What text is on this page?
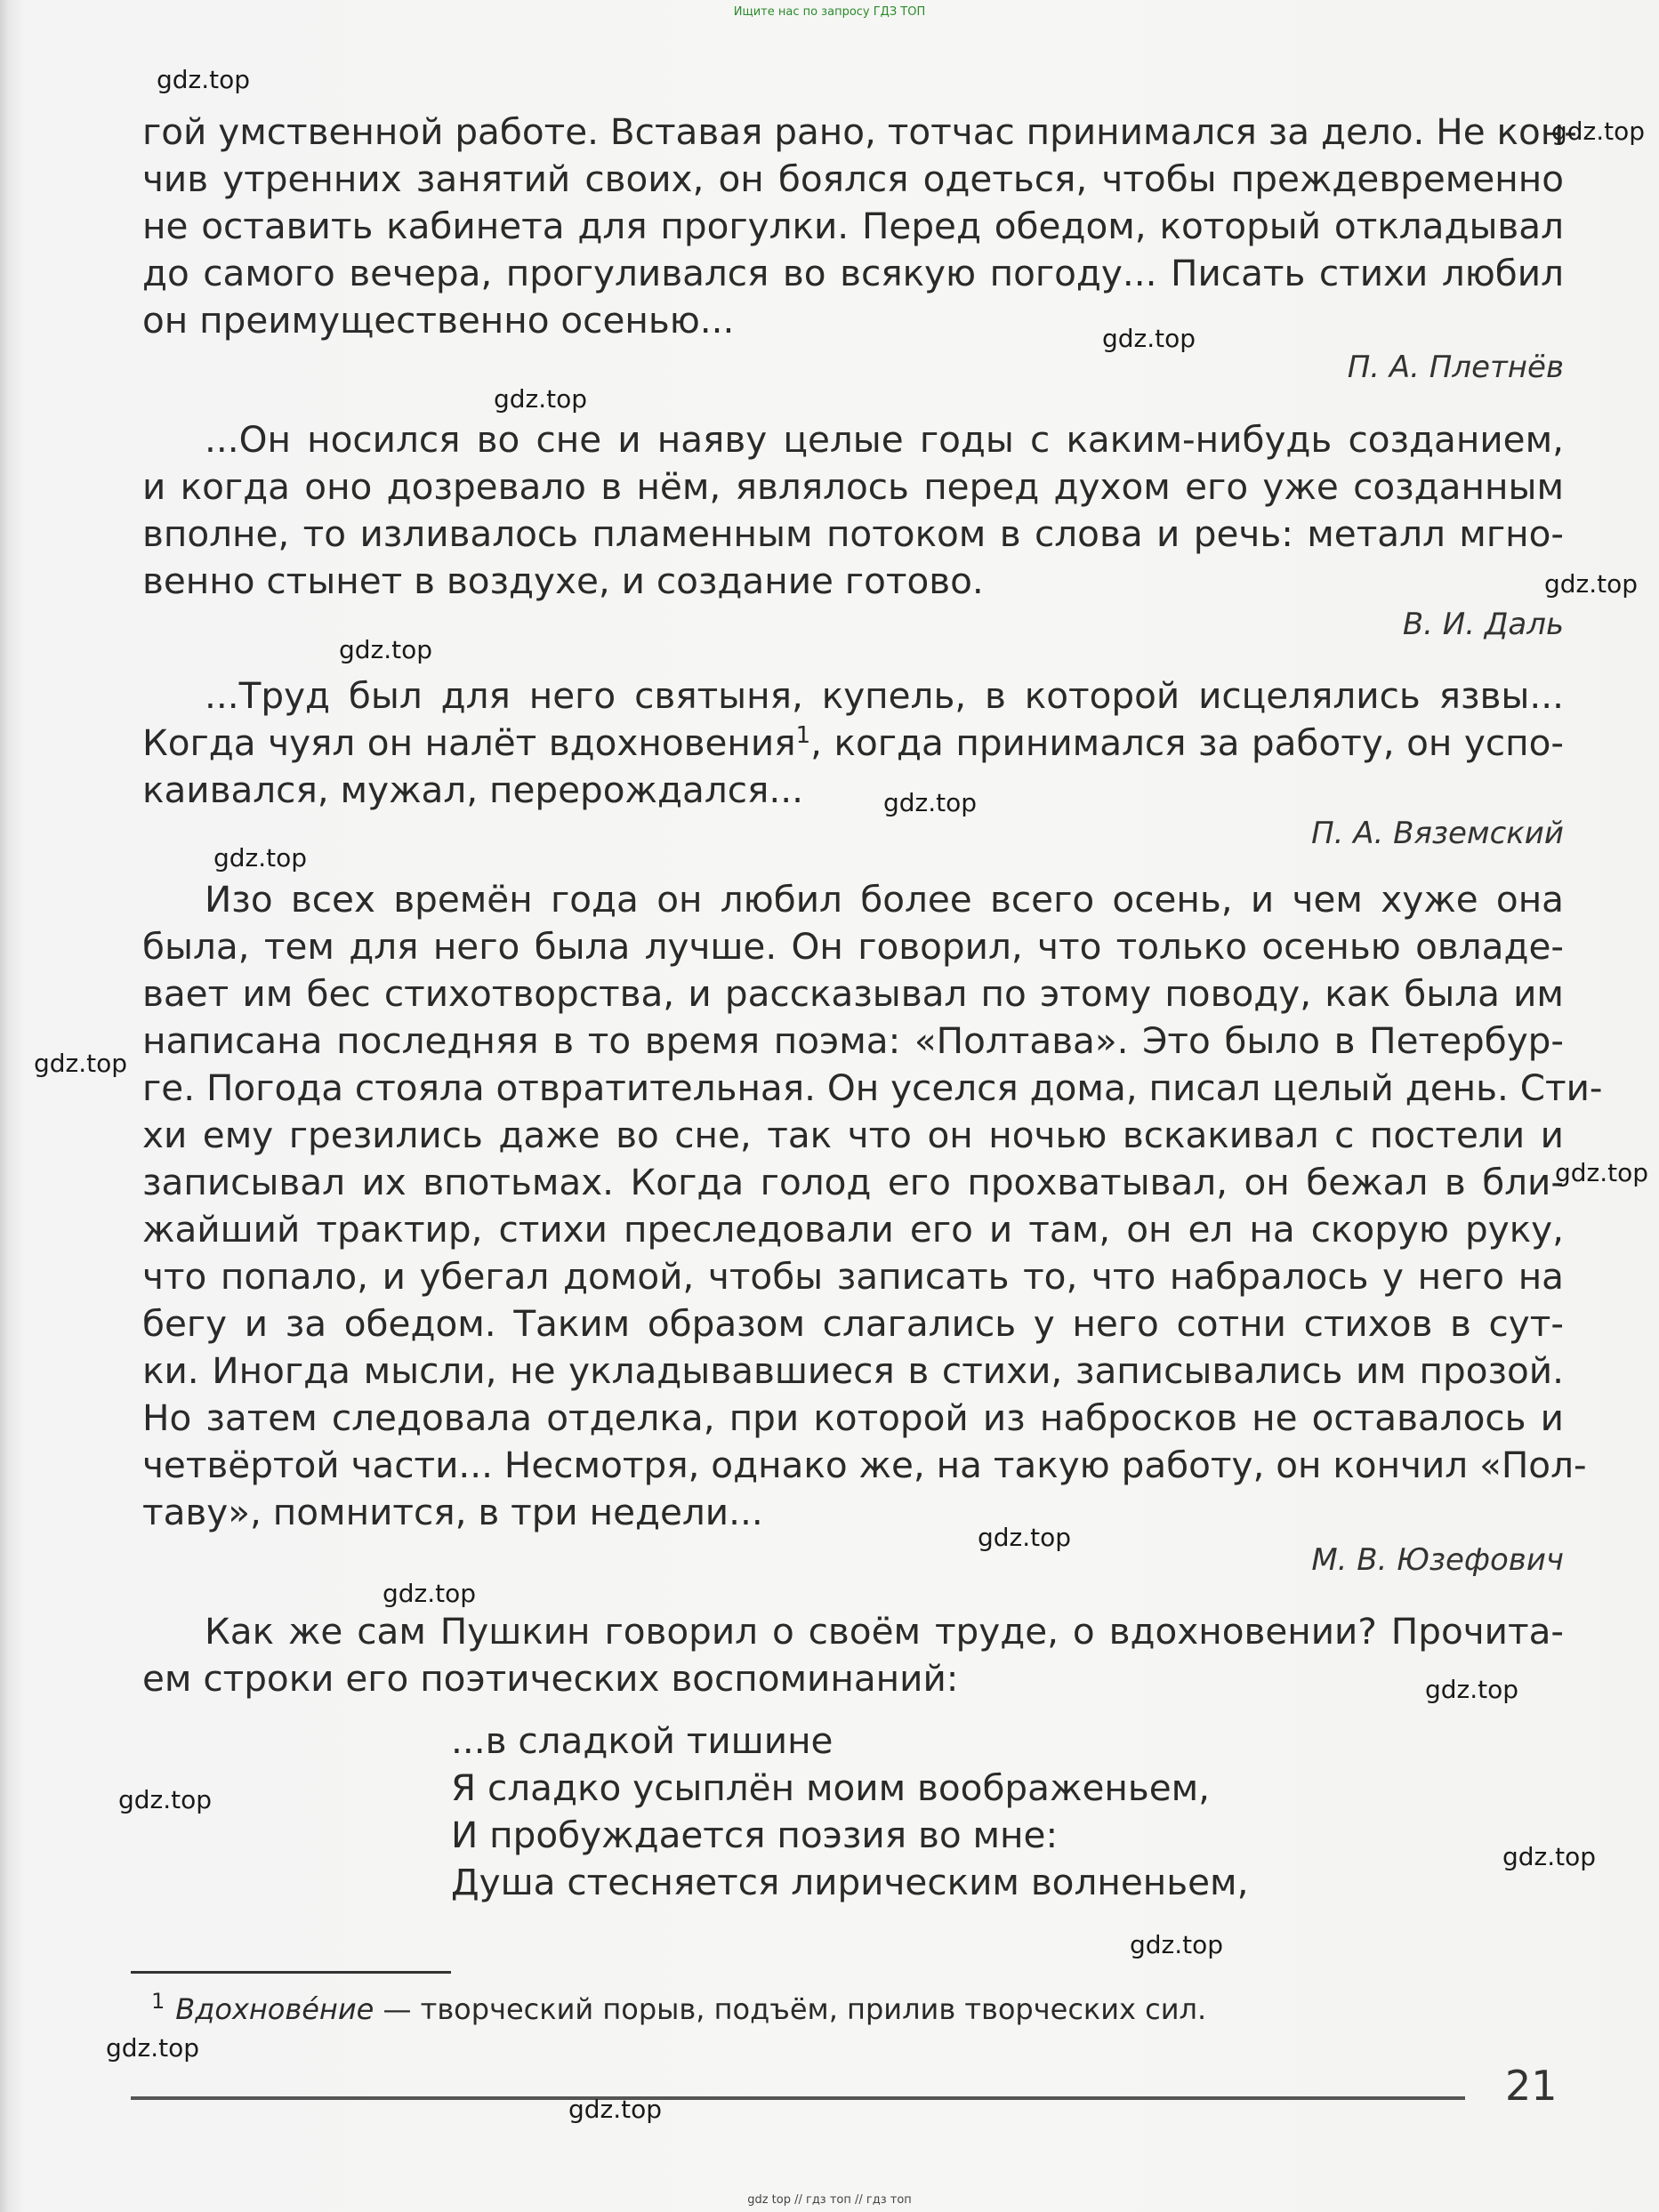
Ищите нас по запросу ГДЗ ТОП
гой умственной работе. Вставая рано, тотчас принимался за дело. Не кон-
чив утренних занятий своих, он боялся одеться, чтобы преждевременно
не оставить кабинета для прогулки. Перед обедом, который откладывал
до самого вечера, прогуливался во всякую погоду... Писать стихи любил
он преимущественно осенью...
П. А. Плетнёв
...Он носился во сне и наяву целые годы с каким-нибудь созданием,
и когда оно дозревало в нём, являлось перед духом его уже созданным
вполне, то изливалось пламенным потоком в слова и речь: металл мгно-
венно стынет в воздухе, и создание готово.
В. И. Даль
...Труд был для него святыня, купель, в которой исцелялись язвы...
Когда чуял он налёт вдохновения$^1$, когда принимался за работу, он успо-
каивался, мужал, перерождался...
П. А. Вяземский
Изо всех времён года он любил более всего осень, и чем хуже она
была, тем для него была лучше. Он говорил, что только осенью овладе-
вает им бес стихотворства, и рассказывал по этому поводу, как была им
написана последняя в то время поэма: «Полтава». Это было в Петербур-
ге. Погода стояла отвратительная. Он уселся дома, писал целый день. Сти-
хи ему грезились даже во сне, так что он ночью вскакивал с постели и
записывал их впотьмах. Когда голод его прохватывал, он бежал в бли-
жайший трактир, стихи преследовали его и там, он ел на скорую руку,
что попало, и убегал домой, чтобы записать то, что набралось у него на
бегу и за обедом. Таким образом слагались у него сотни стихов в сут-
ки. Иногда мысли, не укладывавшиеся в стихи, записывались им прозой.
Но затем следовала отделка, при которой из набросков не оставалось и
четвёртой части... Несмотря, однако же, на такую работу, он кончил «Пол-
таву», помнится, в три недели...
М. В. Юзефович
Как же сам Пушкин говорил о своём труде, о вдохновении? Прочита-
ем строки его поэтических воспоминаний:
...в сладкой тишине
Я сладко усыплён моим воображеньем,
И пробуждается поэзия во мне:
Душа стесняется лирическим волненьем,
$^1$ Вдохнове́ние — творческий порыв, подъём, прилив творческих сил.
21
gdz.top
gdz.top
gdz.top
gdz.top
gdz.top
gdz.top
gdz.top
gdz.top
gdz.top
gdz.top
gdz.top
gdz.top
gdz.top
gdz.top
gdz.top
gdz.top
gdz.top
gdz.top
gdz top // гдз топ // гдз топ
